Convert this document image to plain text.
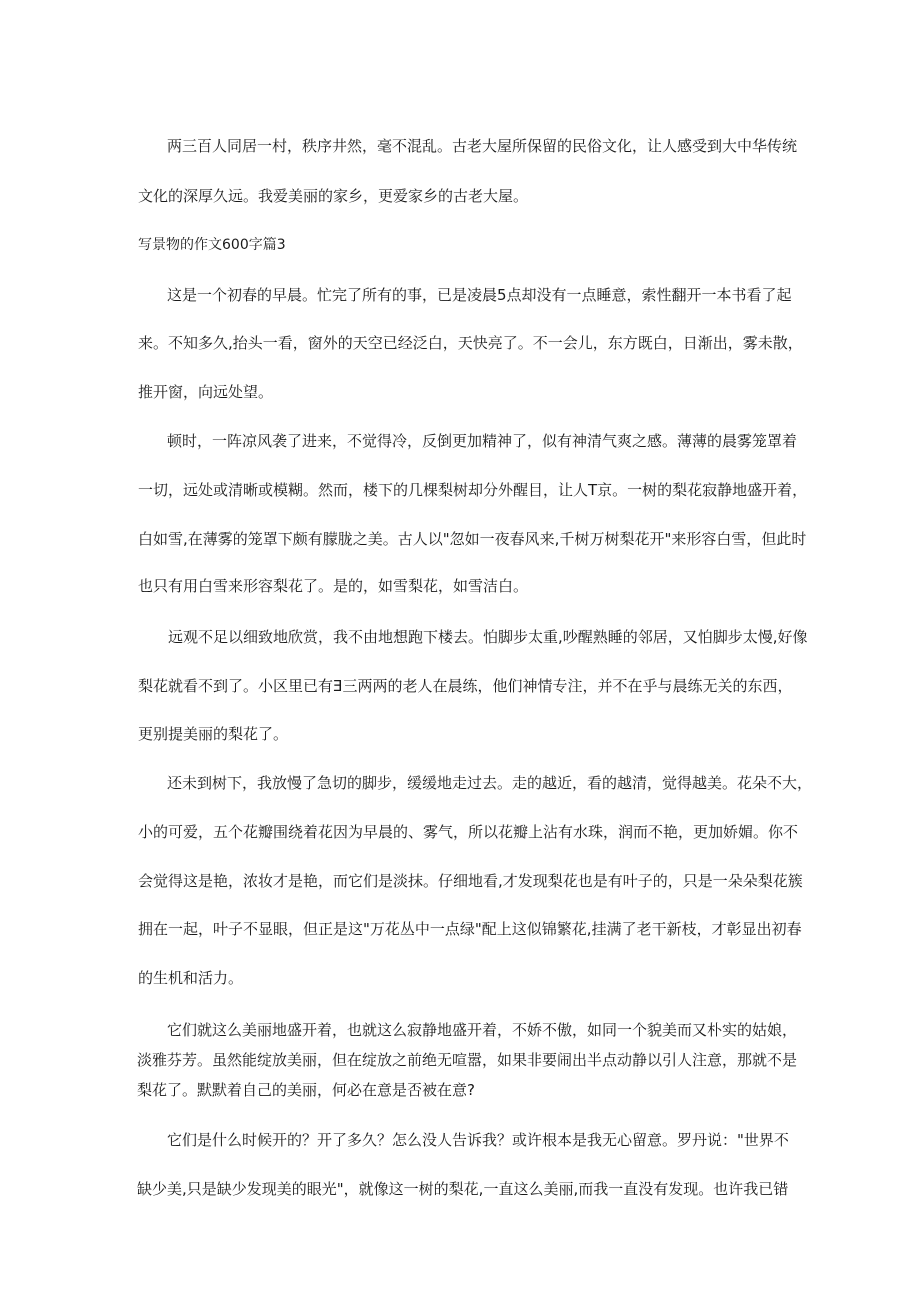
两三百人同居一村，秩序井然，毫不混乱。古老大屋所保留的民俗文化，让人感受到大中华传统
文化的深厚久远。我爱美丽的家乡，更爱家乡的古老大屋。
写景物的作文600字篇3
这是一个初春的早晨。忙完了所有的事，已是凌晨5点却没有一点睡意，索性翻开一本书看了起
来。不知多久,抬头一看，窗外的天空已经泛白，天快亮了。不一会儿，东方既白，日渐出，雾未散，
推开窗，向远处望。
顿时，一阵凉风袭了进来，不觉得冷，反倒更加精神了，似有神清气爽之感。薄薄的晨雾笼罩着
一切，远处或清晰或模糊。然而，楼下的几棵梨树却分外醒目，让人T京。一树的梨花寂静地盛开着，
白如雪,在薄雾的笼罩下颇有朦胧之美。古人以"忽如一夜春风来,千树万树梨花开"来形容白雪，但此时
也只有用白雪来形容梨花了。是的，如雪梨花，如雪洁白。
远观不足以细致地欣赏，我不由地想跑下楼去。怕脚步太重,吵醒熟睡的邻居，又怕脚步太慢,好像
梨花就看不到了。小区里已有Ǝ三两两的老人在晨练，他们神情专注，并不在乎与晨练无关的东西，
更别提美丽的梨花了。
还未到树下，我放慢了急切的脚步，缓缓地走过去。走的越近，看的越清，觉得越美。花朵不大，
小的可爱，五个花瓣围绕着花因为早晨的、雾气，所以花瓣上沾有水珠，润而不艳，更加娇媚。你不
会觉得这是艳，浓妆才是艳，而它们是淡抹。仔细地看,才发现梨花也是有叶子的，只是一朵朵梨花簇
拥在一起，叶子不显眼，但正是这"万花丛中一点绿"配上这似锦繁花,挂满了老干新枝，才彰显出初春
的生机和活力。
它们就这么美丽地盛开着，也就这么寂静地盛开着，不娇不傲，如同一个貌美而又朴实的姑娘，
淡雅芬芳。虽然能绽放美丽，但在绽放之前绝无喧嚣，如果非要闹出半点动静以引人注意，那就不是
梨花了。默默着自己的美丽，何必在意是否被在意?
它们是什么时候开的？开了多久？怎么没人告诉我？或许根本是我无心留意。罗丹说："世界不
缺少美,只是缺少发现美的眼光"，就像这一树的梨花,一直这么美丽,而我一直没有发现。也许我已错
